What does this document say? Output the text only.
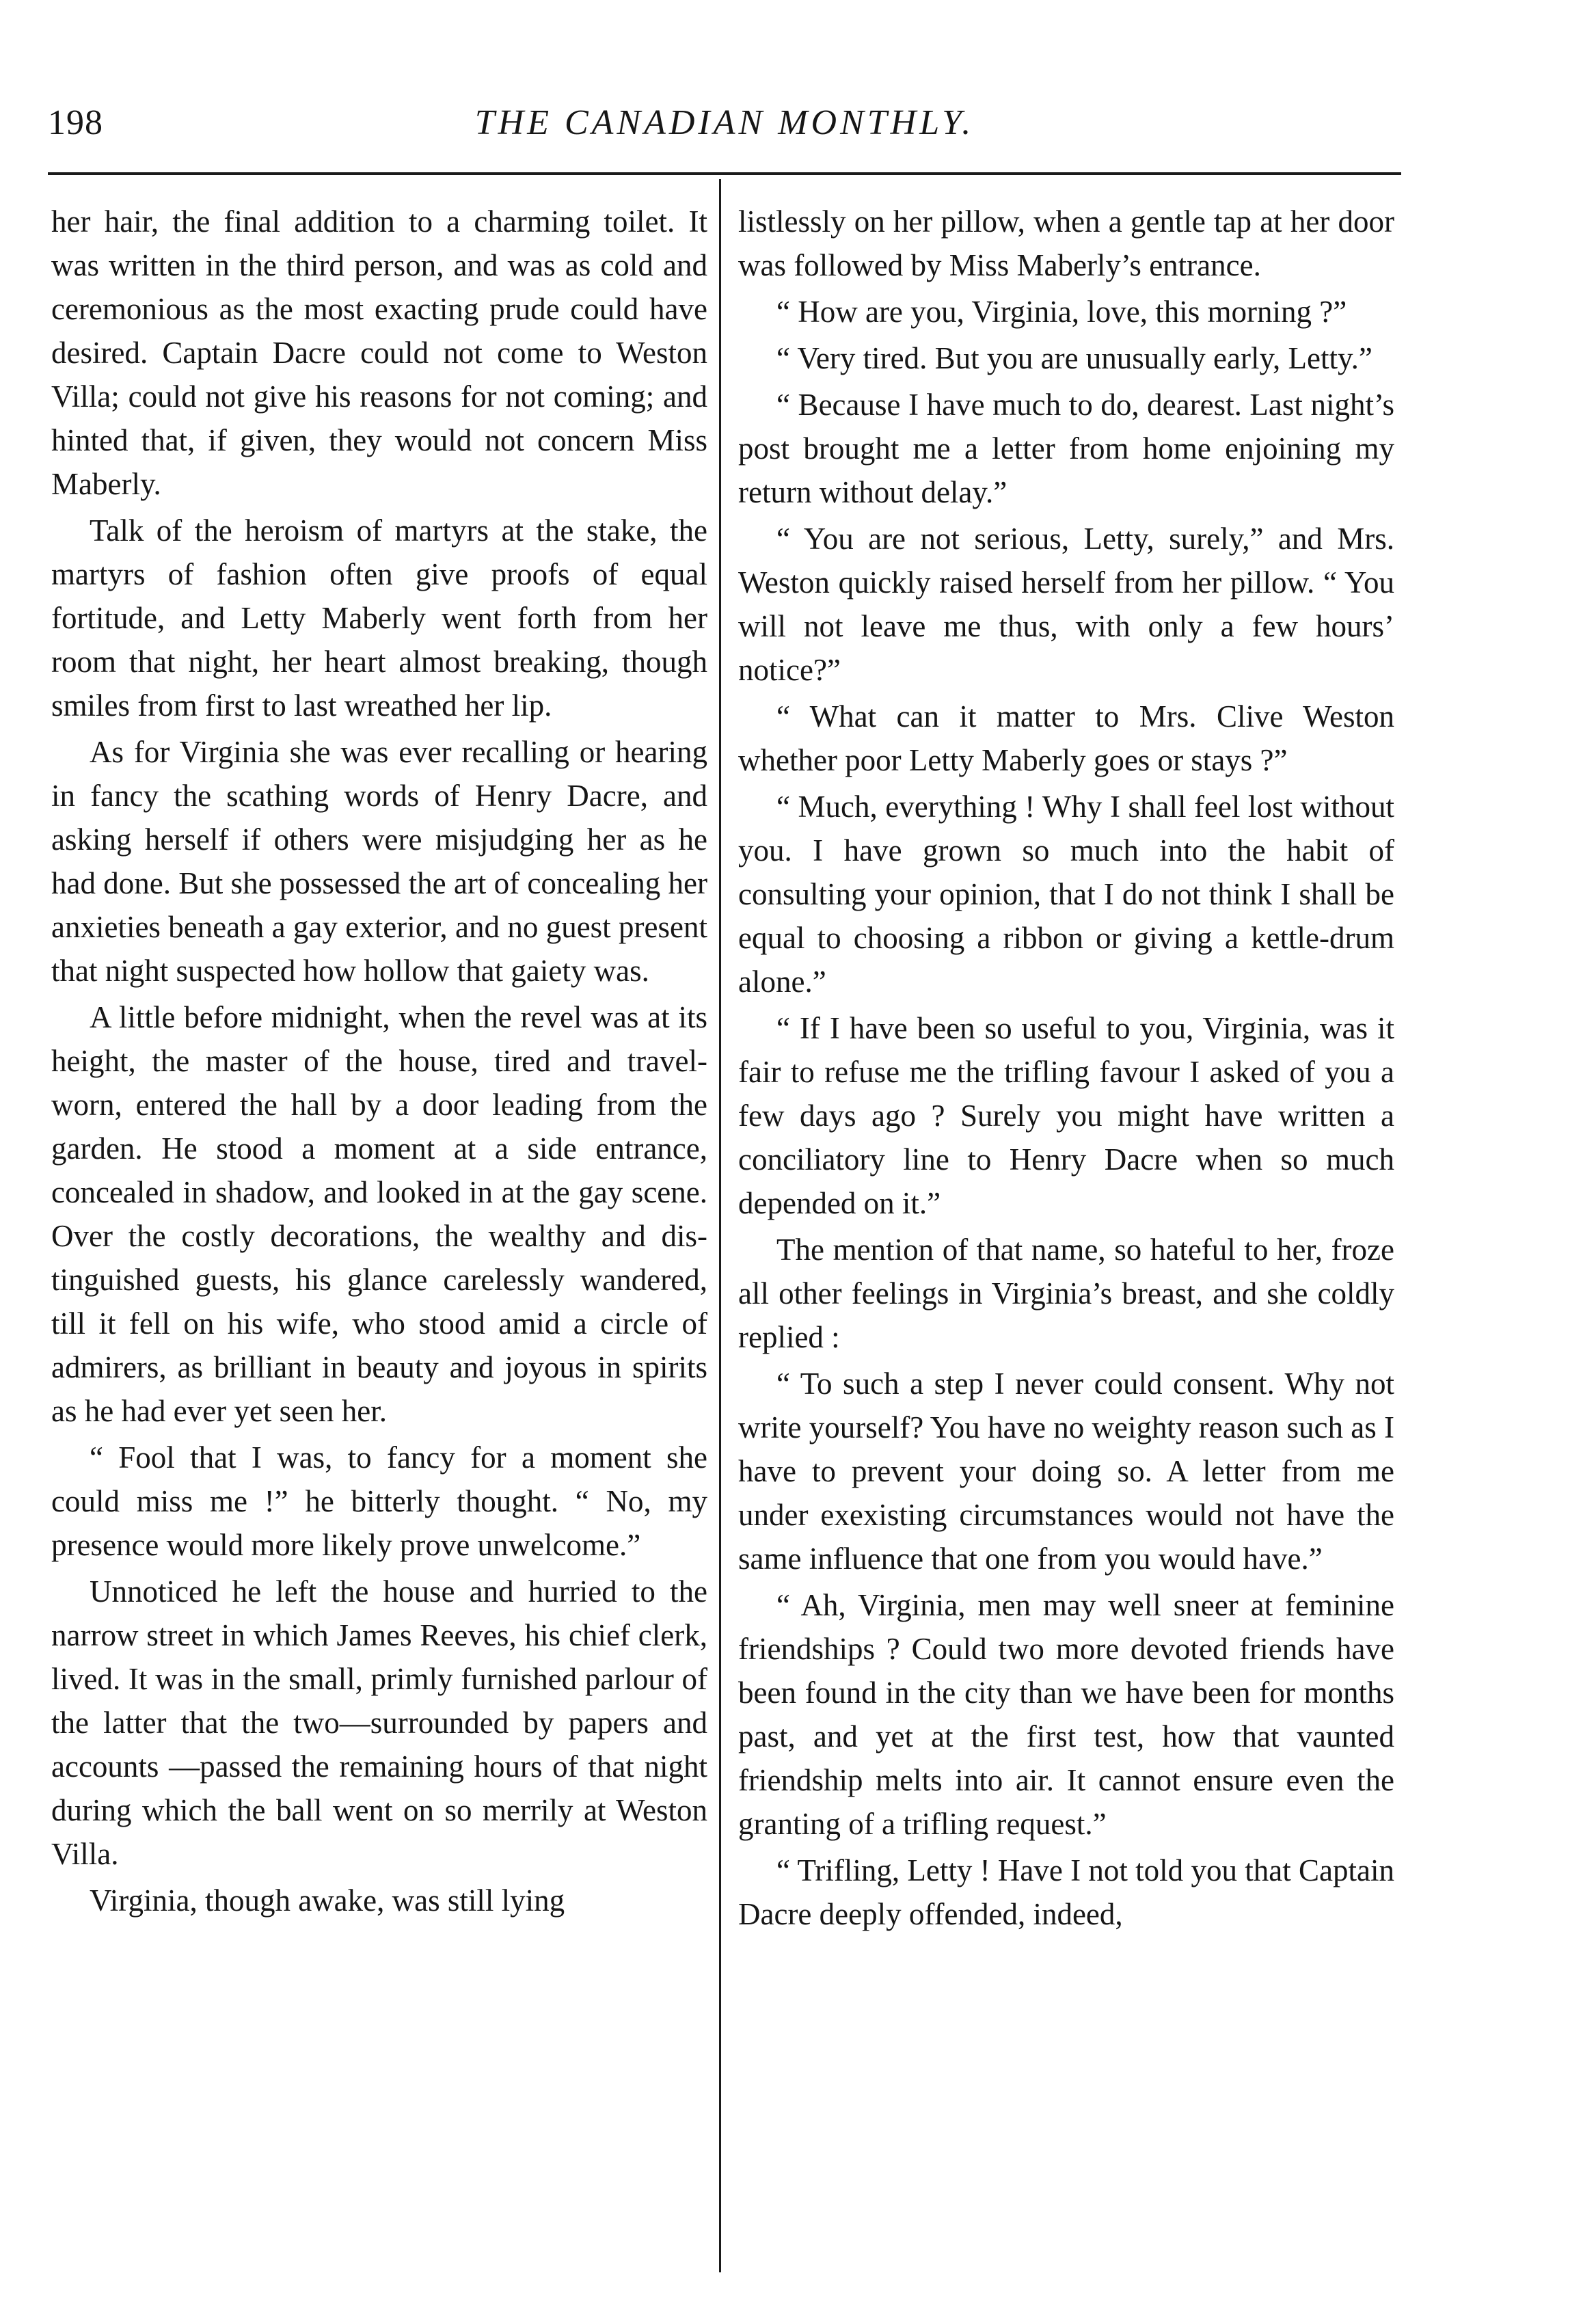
198	THE CANADIAN MONTHLY.

her hair, the final addition to a charming toilet. It was written in the third person, and was as cold and ceremonious as the most exacting prude could have desired. Captain Dacre could not come to Weston Villa; could not give his reasons for not coming; and hinted that, if given, they would not concern Miss Maberly.

Talk of the heroism of martyrs at the stake, the martyrs of fashion often give proofs of equal fortitude, and Letty Maberly went forth from her room that night, her heart almost breaking, though smiles from first to last wreathed her lip.

As for Virginia she was ever recalling or hearing in fancy the scathing words of Henry Dacre, and asking herself if others were misjudging her as he had done. But she possessed the art of concealing her anxieties beneath a gay exterior, and no guest present that night suspected how hollow that gaiety was.

A little before midnight, when the revel was at its height, the master of the house, tired and travel-worn, entered the hall by a door leading from the garden. He stood a moment at a side entrance, concealed in shadow, and looked in at the gay scene. Over the costly decorations, the wealthy and distinguished guests, his glance carelessly wandered, till it fell on his wife, who stood amid a circle of admirers, as brilliant in beauty and joyous in spirits as he had ever yet seen her.

“ Fool that I was, to fancy for a moment she could miss me !” he bitterly thought. “ No, my presence would more likely prove unwelcome.”

Unnoticed he left the house and hurried to the narrow street in which James Reeves, his chief clerk, lived. It was in the small, primly furnished parlour of the latter that the two—surrounded by papers and accounts —passed the remaining hours of that night during which the ball went on so merrily at Weston Villa.

Virginia, though awake, was still lying

listlessly on her pillow, when a gentle tap at her door was followed by Miss Maberly’s entrance.

“ How are you, Virginia, love, this morning ?”

“ Very tired. But you are unusually early, Letty.”

“ Because I have much to do, dearest. Last night’s post brought me a letter from home enjoining my return without delay.”

“ You are not serious, Letty, surely,” and Mrs. Weston quickly raised herself from her pillow. “ You will not leave me thus, with only a few hours’ notice?”

“ What can it matter to Mrs. Clive Weston whether poor Letty Maberly goes or stays ?”

“ Much, everything ! Why I shall feel lost without you. I have grown so much into the habit of consulting your opinion, that I do not think I shall be equal to choosing a ribbon or giving a kettle-drum alone.”

“ If I have been so useful to you, Virginia, was it fair to refuse me the trifling favour I asked of you a few days ago ? Surely you might have written a conciliatory line to Henry Dacre when so much depended on it.”

The mention of that name, so hateful to her, froze all other feelings in Virginia’s breast, and she coldly replied :

“ To such a step I never could consent. Why not write yourself? You have no weighty reason such as I have to prevent your doing so. A letter from me under exexisting circumstances would not have the same influence that one from you would have.”

“ Ah, Virginia, men may well sneer at feminine friendships ? Could two more devoted friends have been found in the city than we have been for months past, and yet at the first test, how that vaunted friendship melts into air. It cannot ensure even the granting of a trifling request.”

“ Trifling, Letty ! Have I not told you that Captain Dacre deeply offended, indeed,
